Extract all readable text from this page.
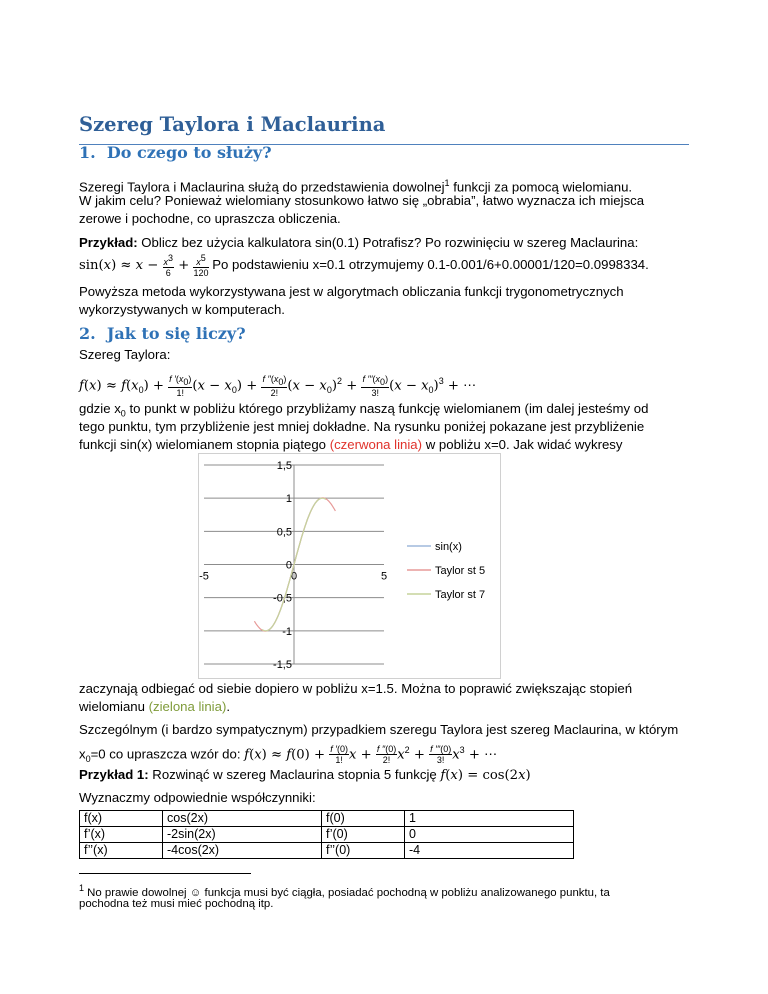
Szereg Taylora i Maclaurina
1.  Do czego to służy?
Szeregi Taylora i Maclaurina służą do przedstawienia dowolnej$^1$ funkcji za pomocą wielomianu.
W jakim celu? Ponieważ wielomiany stosunkowo łatwo się „obrabia”, łatwo wyznacza ich miejsca
zerowe i pochodne, co upraszcza obliczenia.
Przykład: Oblicz bez użycia kalkulatora sin(0.1) Potrafisz? Po rozwinięciu w szereg Maclaurina:
$\sin(x) \approx x - \frac{x^3}{6} + \frac{x^5}{120}$ Po podstawieniu x=0.1 otrzymujemy 0.1-0.001/6+0.00001/120=0.0998334.
Powyższa metoda wykorzystywana jest w algorytmach obliczania funkcji trygonometrycznych
wykorzystywanych w komputerach.
2.  Jak to się liczy?
Szereg Taylora:
$f(x) \approx f(x_0) + \frac{f '(x_0)}{1!} (x - x_0) + \frac{f ''(x_0)}{2!} (x - x_0)^2 + \frac{f '''(x_0)}{3!} (x - x_0)^3$ + ⋯
gdzie $x_0$ to punkt w pobliżu którego przybliżamy naszą funkcję wielomianem (im dalej jesteśmy od
tego punktu, tym przybliżenie jest mniej dokładne. Na rysunku poniżej pokazane jest przybliżenie
funkcji sin(x) wielomianem stopnia piątego (czerwona linia) w pobliżu x=0. Jak widać wykresy
1,5
1
0,5
0
-0,5
-1
-1,5
-5	0	5
sin(x)
Taylor st 5
Taylor st 7
zaczynają odbiegać od siebie dopiero w pobliżu x=1.5. Można to poprawić zwiększając stopień
wielomianu (zielona linia).
Szczególnym (i bardzo sympatycznym) przypadkiem szeregu Taylora jest szereg Maclaurina, w którym
$x_0=0$ co upraszcza wzór do: $f(x) \approx f(0) + \frac{f '(0)}{1!}$ $x + \frac{f ''(0)}{2!} x^2 + \frac{f '''(0)}{3!} x^3$ + ⋯
Przykład 1: Rozwinąć w szereg Maclaurina stopnia 5 funkcję f(x) = cos(2x)
Wyznaczmy odpowiednie współczynniki:
f(x)	cos(2x)	f(0)	1
f’(x)	-2sin(2x)	f’(0)	0
f’’(x)	-4cos(2x)	f’’(0)	-4
$^1$ No prawie dowolnej ☺ funkcja musi być ciągła, posiadać pochodną w pobliżu analizowanego punktu, ta
pochodna też musi mieć pochodną itp.
